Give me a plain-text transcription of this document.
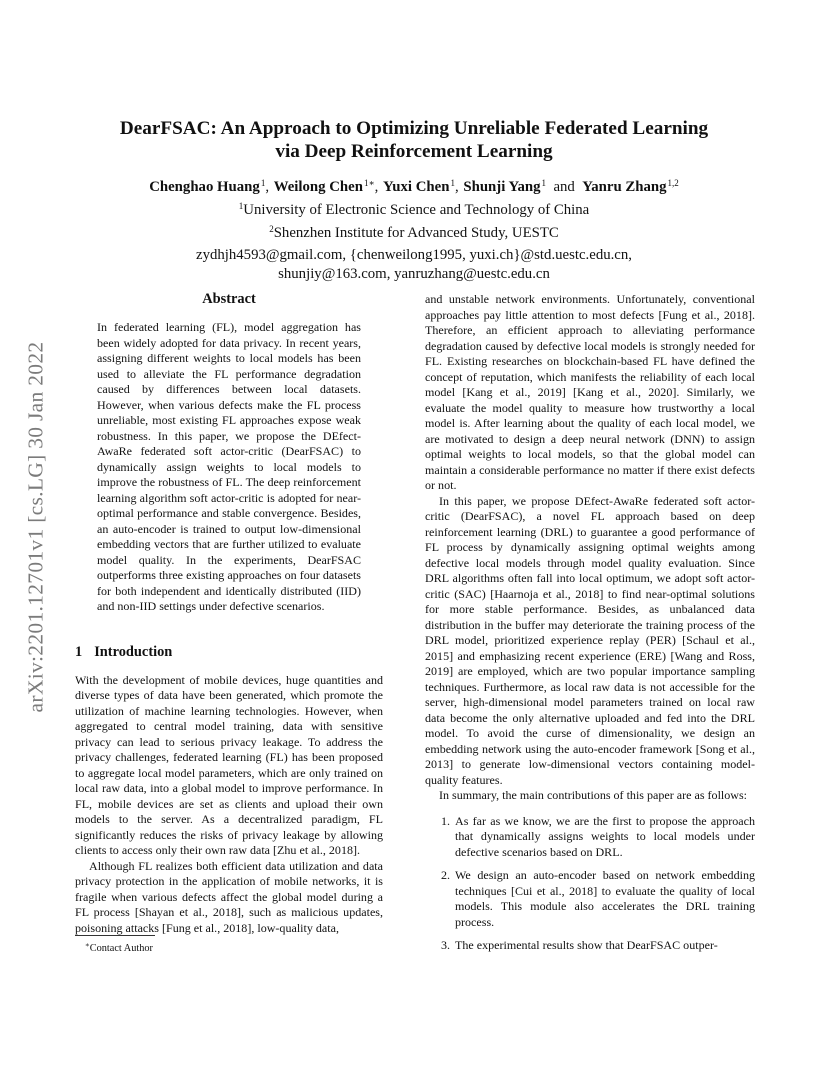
arXiv:2201.12701v1 [cs.LG] 30 Jan 2022
DearFSAC: An Approach to Optimizing Unreliable Federated Learning
via Deep Reinforcement Learning
Chenghao Huang$^1$, Weilong Chen$^{1∗}$, Yuxi Chen$^1$, Shunji Yang$^1$ and Yanru Zhang$^{1,2}$
$^1$University of Electronic Science and Technology of China
$^2$Shenzhen Institute for Advanced Study, UESTC
zydhjh4593@gmail.com, {chenweilong1995, yuxi.ch}@std.uestc.edu.cn,
shunjiy@163.com, yanruzhang@uestc.edu.cn
Abstract

In federated learning (FL), model aggregation has been widely adopted for data privacy. In recent years, assigning different weights to local models has been used to alleviate the FL performance degradation caused by differences between local datasets. However, when various defects make the FL process unreliable, most existing FL approaches expose weak robustness. In this paper, we propose the DEfect-AwaRe federated soft actor-critic (DearFSAC) to dynamically assign weights to local models to improve the robustness of FL. The deep reinforcement learning algorithm soft actor-critic is adopted for near-optimal performance and stable convergence. Besides, an auto-encoder is trained to output low-dimensional embedding vectors that are further utilized to evaluate model quality. In the experiments, DearFSAC outperforms three existing approaches on four datasets for both independent and identically distributed (IID) and non-IID settings under defective scenarios.

1 Introduction

With the development of mobile devices, huge quantities and diverse types of data have been generated, which promote the utilization of machine learning technologies. However, when aggregated to central model training, data with sensitive privacy can lead to serious privacy leakage. To address the privacy challenges, federated learning (FL) has been proposed to aggregate local model parameters, which are only trained on local raw data, into a global model to improve performance. In FL, mobile devices are set as clients and upload their own models to the server. As a decentralized paradigm, FL significantly reduces the risks of privacy leakage by allowing clients to access only their own raw data [Zhu et al., 2018].

Although FL realizes both efficient data utilization and data privacy protection in the application of mobile networks, it is fragile when various defects affect the global model during a FL process [Shayan et al., 2018], such as malicious updates, poisoning attacks [Fung et al., 2018], low-quality data,

∗Contact Author

and unstable network environments. Unfortunately, conventional approaches pay little attention to most defects [Fung et al., 2018]. Therefore, an efficient approach to alleviating performance degradation caused by defective local models is strongly needed for FL. Existing researches on blockchain-based FL have defined the concept of reputation, which manifests the reliability of each local model [Kang et al., 2019] [Kang et al., 2020]. Similarly, we evaluate the model quality to measure how trustworthy a local model is. After learning about the quality of each local model, we are motivated to design a deep neural network (DNN) to assign optimal weights to local models, so that the global model can maintain a considerable performance no matter if there exist defects or not.

In this paper, we propose DEfect-AwaRe federated soft actor-critic (DearFSAC), a novel FL approach based on deep reinforcement learning (DRL) to guarantee a good performance of FL process by dynamically assigning optimal weights among defective local models through model quality evaluation. Since DRL algorithms often fall into local optimum, we adopt soft actor-critic (SAC) [Haarnoja et al., 2018] to find near-optimal solutions for more stable performance. Besides, as unbalanced data distribution in the buffer may deteriorate the training process of the DRL model, prioritized experience replay (PER) [Schaul et al., 2015] and emphasizing recent experience (ERE) [Wang and Ross, 2019] are employed, which are two popular importance sampling techniques. Furthermore, as local raw data is not accessible for the server, high-dimensional model parameters trained on local raw data become the only alternative uploaded and fed into the DRL model. To avoid the curse of dimensionality, we design an embedding network using the auto-encoder framework [Song et al., 2013] to generate low-dimensional vectors containing model-quality features.

In summary, the main contributions of this paper are as follows:

1. As far as we know, we are the first to propose the approach that dynamically assigns weights to local models under defective scenarios based on DRL.
2. We design an auto-encoder based on network embedding techniques [Cui et al., 2018] to evaluate the quality of local models. This module also accelerates the DRL training process.
3. The experimental results show that DearFSAC outper-
